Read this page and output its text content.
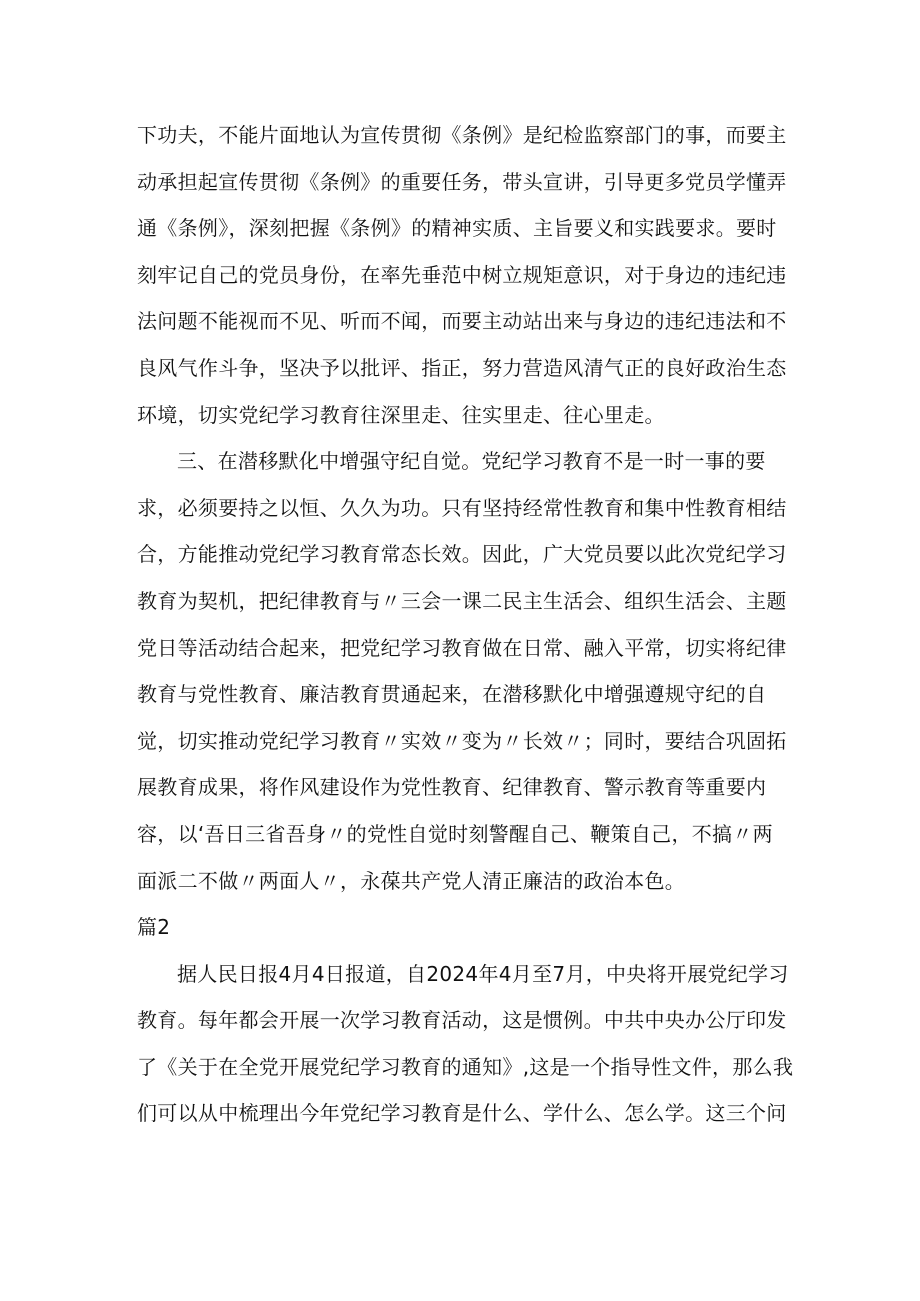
下功夫，不能片面地认为宣传贯彻《条例》是纪检监察部门的事，而要主
动承担起宣传贯彻《条例》的重要任务，带头宣讲，引导更多党员学懂弄
通《条例》，深刻把握《条例》的精神实质、主旨要义和实践要求。要时
刻牢记自己的党员身份，在率先垂范中树立规矩意识，对于身边的违纪违
法问题不能视而不见、听而不闻，而要主动站出来与身边的违纪违法和不
良风气作斗争，坚决予以批评、指正，努力营造风清气正的良好政治生态
环境，切实党纪学习教育往深里走、往实里走、往心里走。
三、在潜移默化中增强守纪自觉。党纪学习教育不是一时一事的要
求，必须要持之以恒、久久为功。只有坚持经常性教育和集中性教育相结
合，方能推动党纪学习教育常态长效。因此，广大党员要以此次党纪学习
教育为契机，把纪律教育与〃三会一课二民主生活会、组织生活会、主题
党日等活动结合起来，把党纪学习教育做在日常、融入平常，切实将纪律
教育与党性教育、廉洁教育贯通起来，在潜移默化中增强遵规守纪的自
觉，切实推动党纪学习教育〃实效〃变为〃长效〃；同时，要结合巩固拓
展教育成果，将作风建设作为党性教育、纪律教育、警示教育等重要内
容，以‘吾日三省吾身〃的党性自觉时刻警醒自己、鞭策自己，不搞〃两
面派二不做〃两面人〃，永葆共产党人清正廉洁的政治本色。
篇2
据人民日报4月4日报道，自2024年4月至7月，中央将开展党纪学习
教育。每年都会开展一次学习教育活动，这是惯例。中共中央办公厅印发
了《关于在全党开展党纪学习教育的通知》,这是一个指导性文件，那么我
们可以从中梳理出今年党纪学习教育是什么、学什么、怎么学。这三个问
